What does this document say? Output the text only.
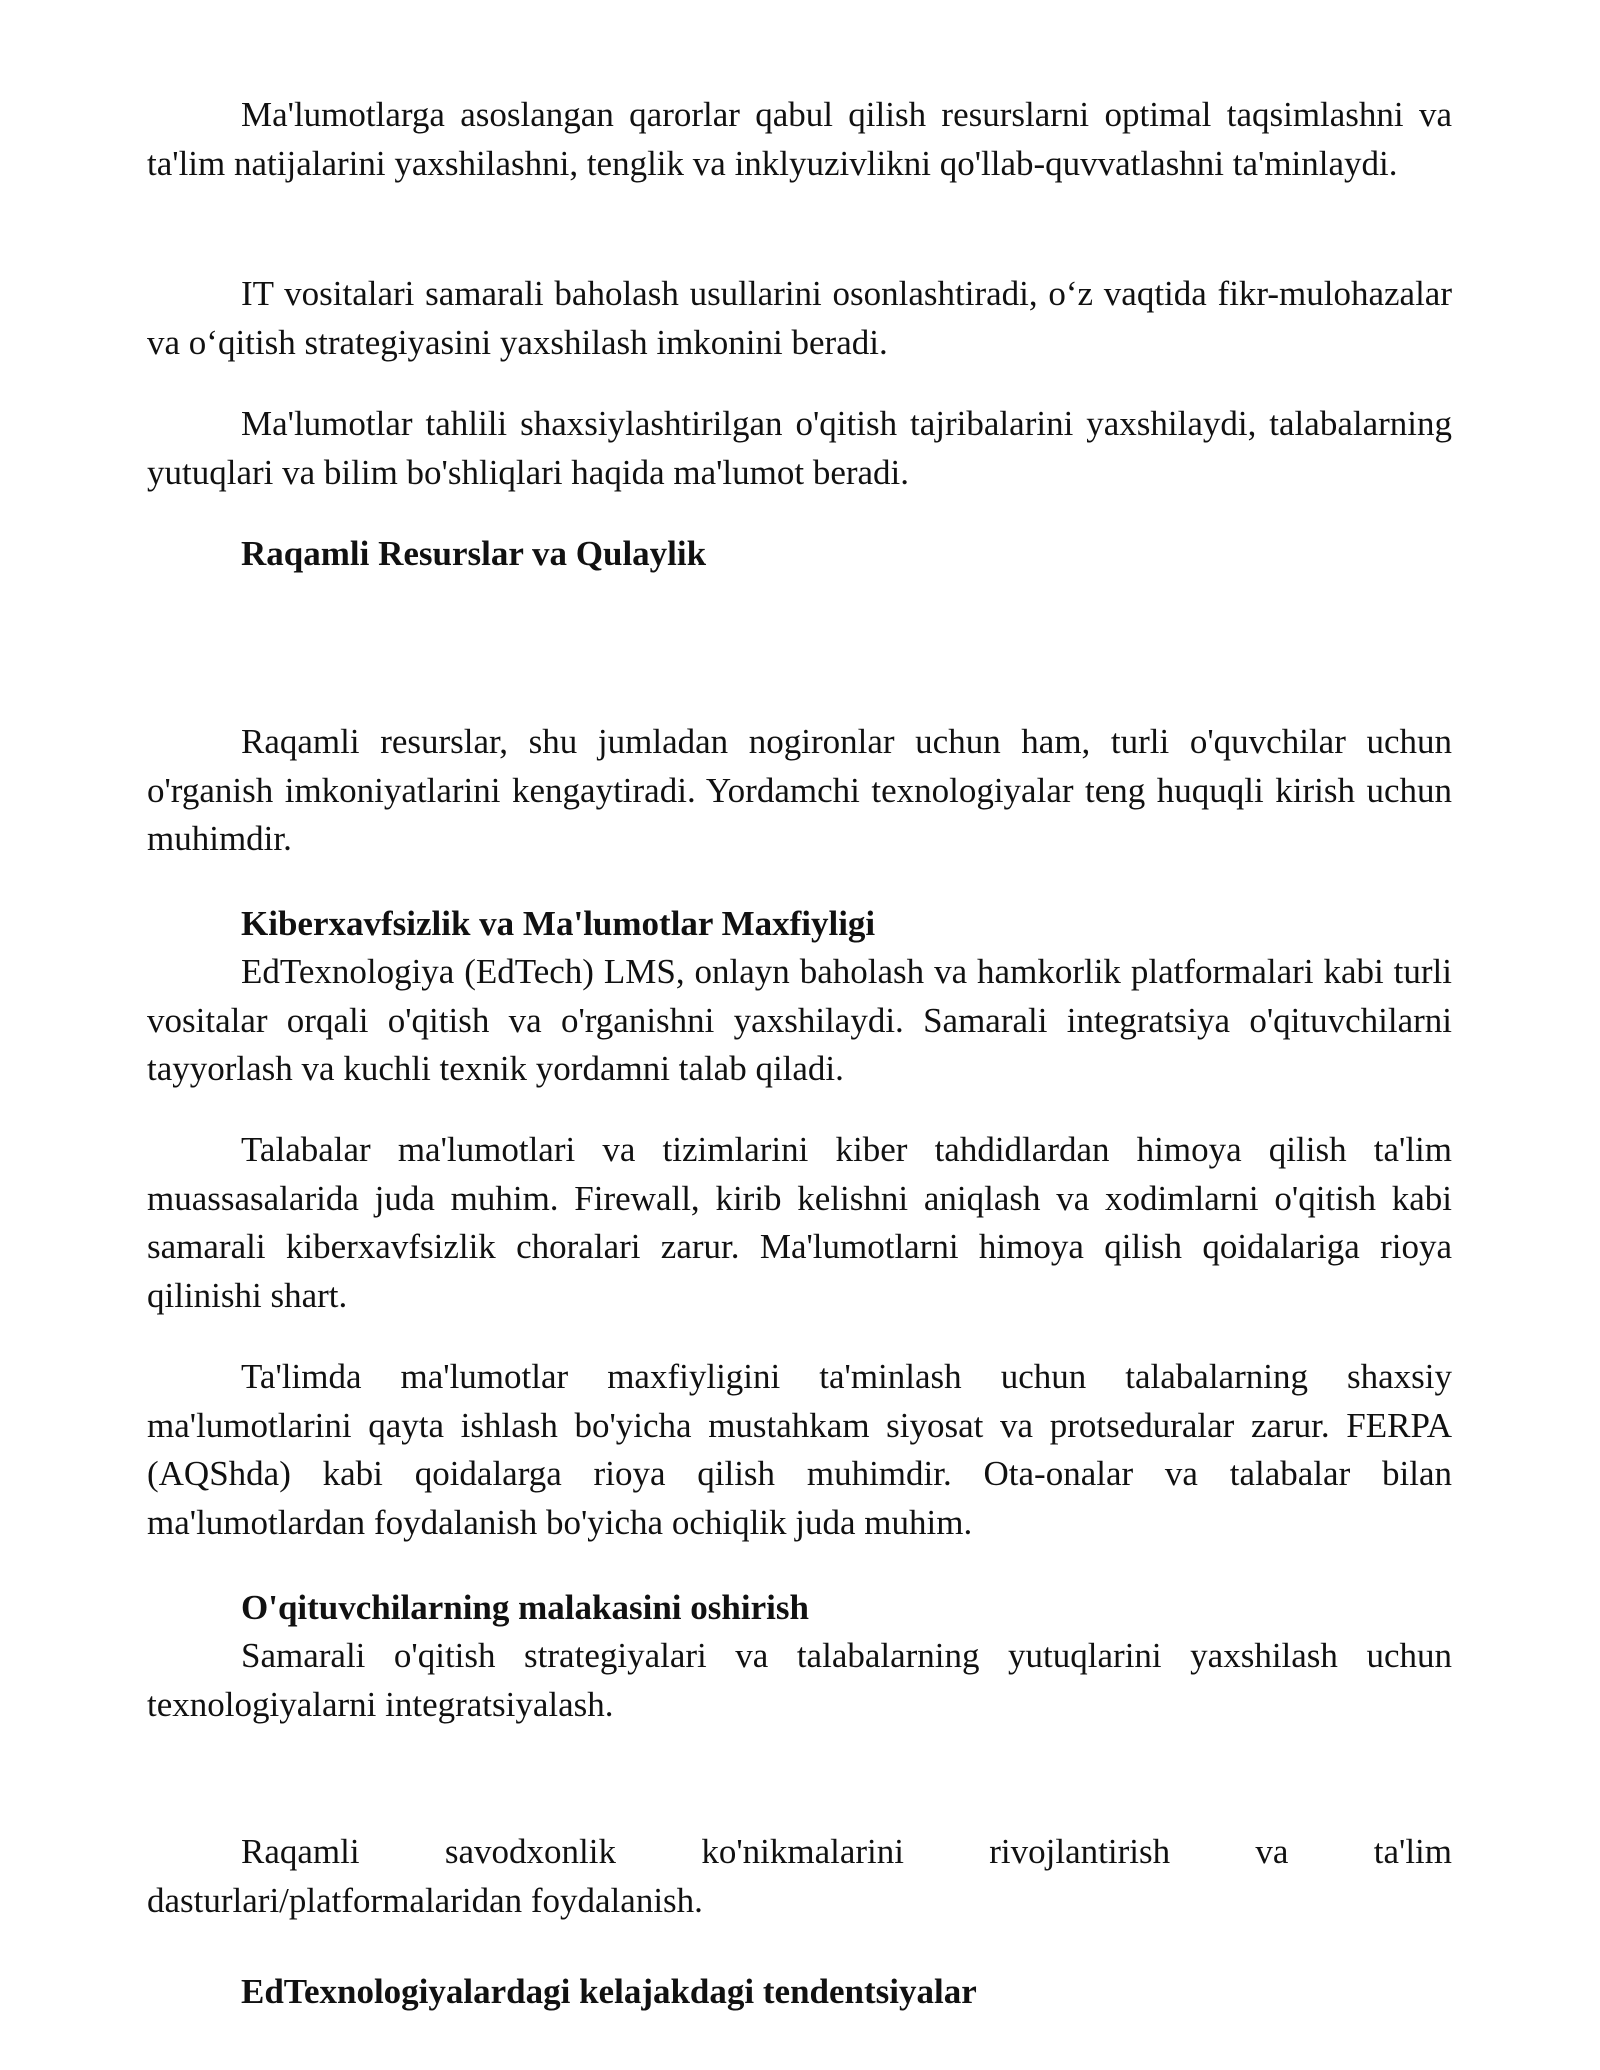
Ma'lumotlarga asoslangan qarorlar qabul qilish resurslarni optimal taqsimlashni va ta'lim natijalarini yaxshilashni, tenglik va inklyuzivlikni qo'llab-quvvatlashni ta'minlaydi.

IT vositalari samarali baholash usullarini osonlashtiradi, o‘z vaqtida fikr-mulohazalar va o‘qitish strategiyasini yaxshilash imkonini beradi.

Ma'lumotlar tahlili shaxsiylashtirilgan o'qitish tajribalarini yaxshilaydi, talabalarning yutuqlari va bilim bo'shliqlari haqida ma'lumot beradi.

Raqamli Resurslar va Qulaylik

Raqamli resurslar, shu jumladan nogironlar uchun ham, turli o'quvchilar uchun o'rganish imkoniyatlarini kengaytiradi. Yordamchi texnologiyalar teng huquqli kirish uchun muhimdir.

Kiberxavfsizlik va Ma'lumotlar Maxfiyligi

EdTexnologiya (EdTech) LMS, onlayn baholash va hamkorlik platformalari kabi turli vositalar orqali o'qitish va o'rganishni yaxshilaydi. Samarali integratsiya o'qituvchilarni tayyorlash va kuchli texnik yordamni talab qiladi.

Talabalar ma'lumotlari va tizimlarini kiber tahdidlardan himoya qilish ta'lim muassasalarida juda muhim. Firewall, kirib kelishni aniqlash va xodimlarni o'qitish kabi samarali kiberxavfsizlik choralari zarur. Ma'lumotlarni himoya qilish qoidalariga rioya qilinishi shart.

Ta'limda ma'lumotlar maxfiyligini ta'minlash uchun talabalarning shaxsiy ma'lumotlarini qayta ishlash bo'yicha mustahkam siyosat va protseduralar zarur. FERPA (AQShda) kabi qoidalarga rioya qilish muhimdir. Ota-onalar va talabalar bilan ma'lumotlardan foydalanish bo'yicha ochiqlik juda muhim.

O'qituvchilarning malakasini oshirish

Samarali o'qitish strategiyalari va talabalarning yutuqlarini yaxshilash uchun texnologiyalarni integratsiyalash.

Raqamli savodxonlik ko'nikmalarini rivojlantirish va ta'lim dasturlari/platformalaridan foydalanish.

EdTexnologiyalardagi kelajakdagi tendentsiyalar
